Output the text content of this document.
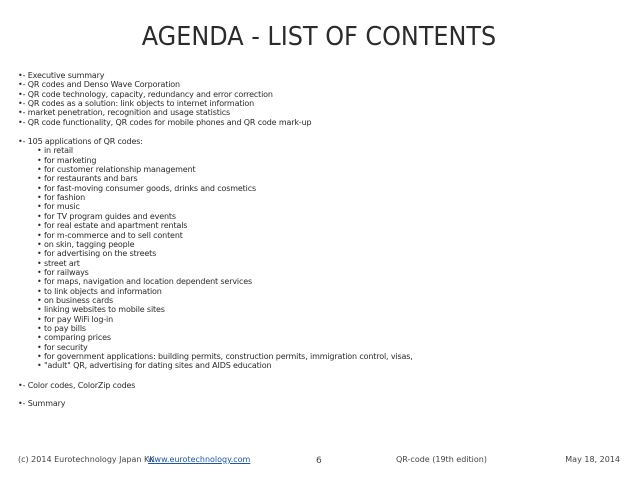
AGENDA - LIST OF CONTENTS
•- Executive summary
•- QR codes and Denso Wave Corporation
•- QR code technology, capacity, redundancy and error correction
•- QR codes as a solution: link objects to internet information
•- market penetration, recognition and usage statistics
•- QR code functionality, QR codes for mobile phones and QR code mark-up
•- 105 applications of QR codes:
• in retail
• for marketing
• for customer relationship management
• for restaurants and bars
• for fast-moving consumer goods, drinks and cosmetics
• for fashion
• for music
• for TV program guides and events
• for real estate and apartment rentals
• for m-commerce and to sell content
• on skin, tagging people
• for advertising on the streets
• street art
• for railways
• for maps, navigation and location dependent services
• to link objects and information
• on business cards
• linking websites to mobile sites
• for pay WiFi log-in
• to pay bills
• comparing prices
• for security
• for government applications: building permits, construction permits, immigration control, visas,
• "adult" QR, advertising for dating sites and AIDS education
•- Color codes, ColorZip codes
•- Summary
(c) 2014 Eurotechnology Japan KK
www.eurotechnology.com	6	QR-code (19th edition)	May 18, 2014
